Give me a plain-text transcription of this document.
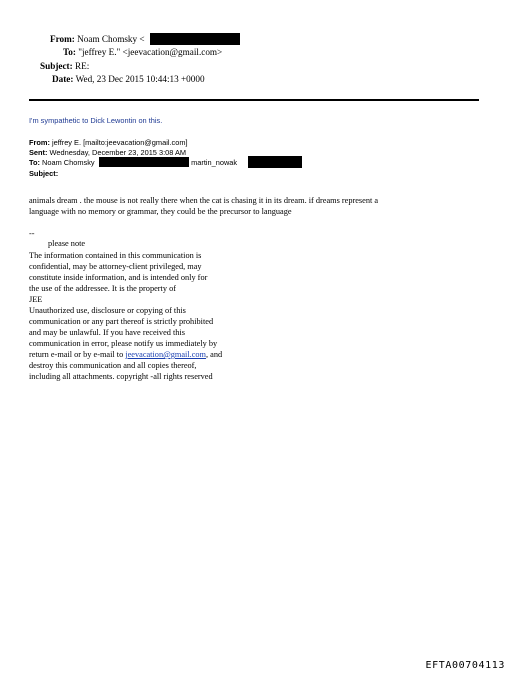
From: Noam Chomsky <
To: "jeffrey E." <jeevacation@gmail.com>
Subject: RE:
Date: Wed, 23 Dec 2015 10:44:13 +0000
I'm sympathetic to Dick Lewontin on this.
From: jeffrey E. [mailto:jeevacation@gmail.com]
Sent: Wednesday, December 23, 2015 3:08 AM
To: Noam Chomsky	; martin_nowak
Subject:
animals dream . the mouse is not really there when the cat is chasing it in its dream. if dreams represent a
language with no memory or grammar, they could be the precursor to language
--
please note
The information contained in this communication is
confidential, may be attorney-client privileged, may
constitute inside information, and is intended only for
the use of the addressee. It is the property of
JEE
Unauthorized use, disclosure or copying of this
communication or any part thereof is strictly prohibited
and may be unlawful. If you have received this
communication in error, please notify us immediately by
return e-mail or by e-mail to jeevacation@gmail.com, and
destroy this communication and all copies thereof,
including all attachments. copyright -all rights reserved
EFTA00704113
